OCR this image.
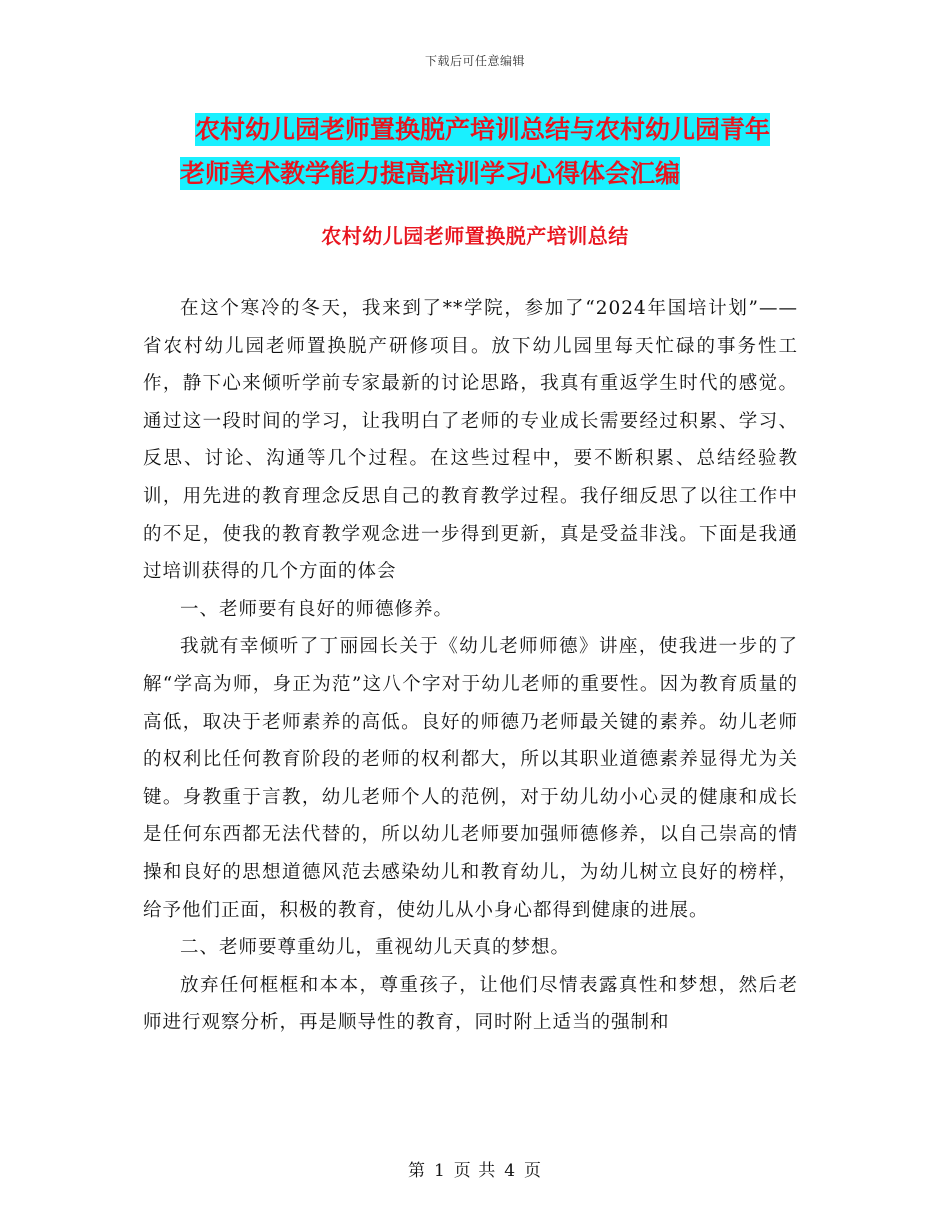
下载后可任意编辑
农村幼儿园老师置换脱产培训总结与农村幼儿园青年
老师美术教学能力提高培训学习心得体会汇编
农村幼儿园老师置换脱产培训总结

在这个寒冷的冬天，我来到了**学院，参加了“2024年国培计划”——省农村幼儿园老师置换脱产研修项目。放下幼儿园里每天忙碌的事务性工作，静下心来倾听学前专家最新的讨论思路，我真有重返学生时代的感觉。通过这一段时间的学习，让我明白了老师的专业成长需要经过积累、学习、反思、讨论、沟通等几个过程。在这些过程中，要不断积累、总结经验教训，用先进的教育理念反思自己的教育教学过程。我仔细反思了以往工作中的不足，使我的教育教学观念进一步得到更新，真是受益非浅。下面是我通过培训获得的几个方面的体会

一、老师要有良好的师德修养。

我就有幸倾听了丁丽园长关于《幼儿老师师德》讲座，使我进一步的了解“学高为师，身正为范”这八个字对于幼儿老师的重要性。因为教育质量的高低，取决于老师素养的高低。良好的师德乃老师最关键的素养。幼儿老师的权利比任何教育阶段的老师的权利都大，所以其职业道德素养显得尤为关键。身教重于言教，幼儿老师个人的范例，对于幼儿幼小心灵的健康和成长是任何东西都无法代替的，所以幼儿老师要加强师德修养，以自己崇高的情操和良好的思想道德风范去感染幼儿和教育幼儿，为幼儿树立良好的榜样，给予他们正面，积极的教育，使幼儿从小身心都得到健康的进展。

二、老师要尊重幼儿，重视幼儿天真的梦想。

放弃任何框框和本本，尊重孩子，让他们尽情表露真性和梦想，然后老师进行观察分析，再是顺导性的教育，同时附上适当的强制和

第 1 页 共 4 页
